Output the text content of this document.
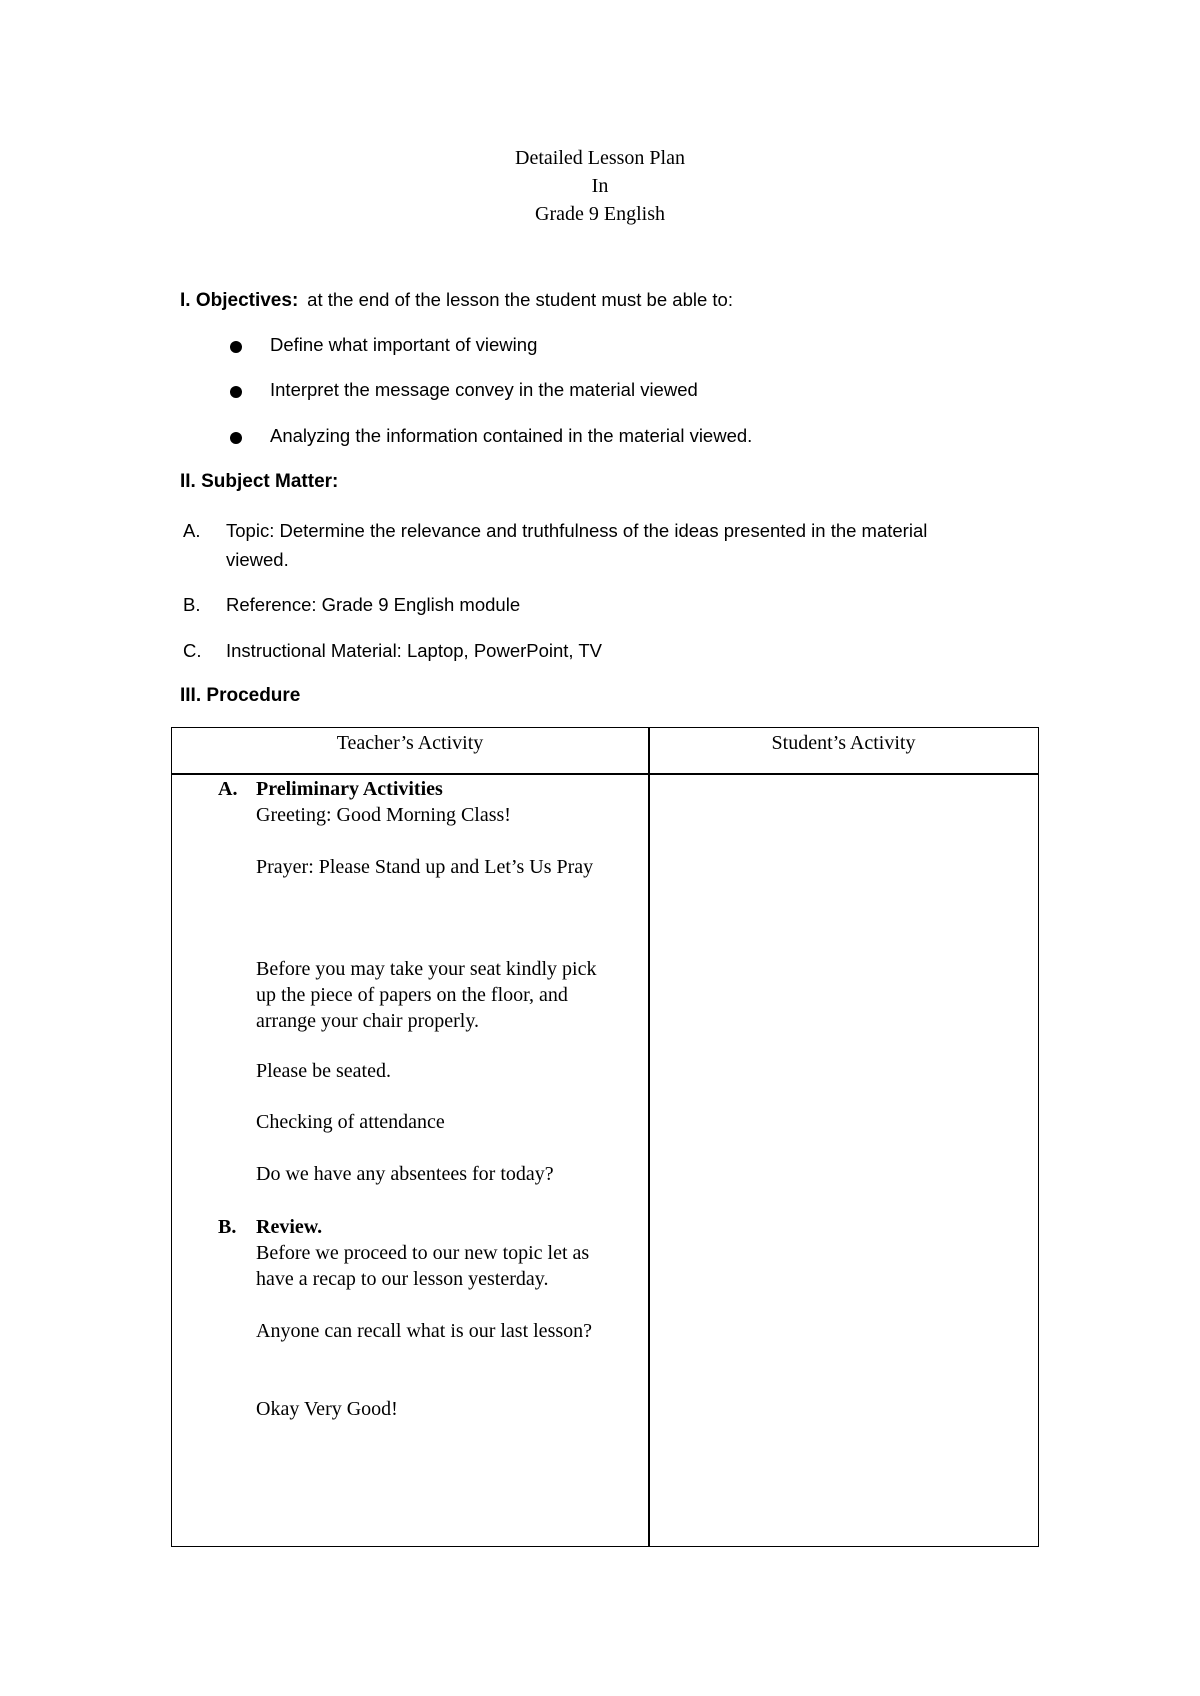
Detailed Lesson Plan
In
Grade 9 English
I. Objectives: at the end of the lesson the student must be able to:
Define what important of viewing
Interpret the message convey in the material viewed
Analyzing the information contained in the material viewed.
II. Subject Matter:
A. Topic: Determine the relevance and truthfulness of the ideas presented in the material
viewed.
B. Reference: Grade 9 English module
C. Instructional Material: Laptop, PowerPoint, TV
III. Procedure
Teacher’s Activity	Student’s Activity
A. Preliminary Activities
Greeting: Good Morning Class!
Prayer: Please Stand up and Let’s Us Pray
Before you may take your seat kindly pick
up the piece of papers on the floor, and
arrange your chair properly.
Please be seated.
Checking of attendance
Do we have any absentees for today?
B. Review.
Before we proceed to our new topic let as
have a recap to our lesson yesterday.
Anyone can recall what is our last lesson?
Okay Very Good!
